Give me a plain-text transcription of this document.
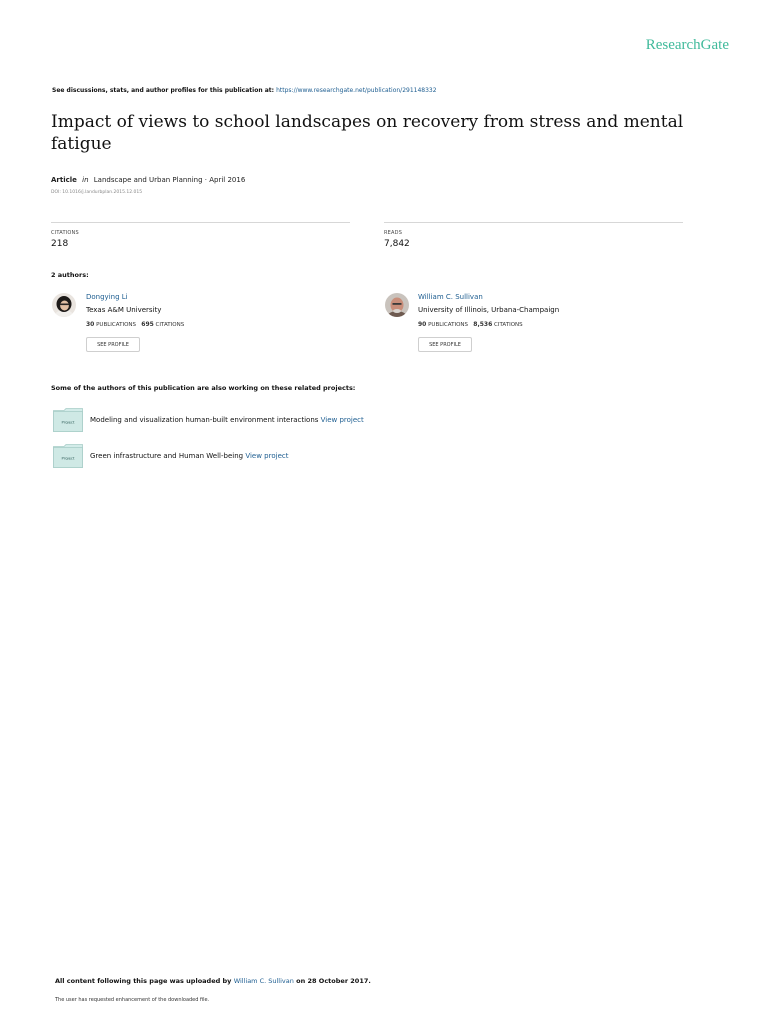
ResearchGate
See discussions, stats, and author profiles for this publication at: https://www.researchgate.net/publication/291148332
Impact of views to school landscapes on recovery from stress and mental fatigue
Article in Landscape and Urban Planning · April 2016
DOI: 10.1016/j.landurbplan.2015.12.015
CITATIONS
218
READS
7,842
2 authors:
Dongying Li
Texas A&M University
30 PUBLICATIONS 695 CITATIONS
SEE PROFILE
William C. Sullivan
University of Illinois, Urbana-Champaign
90 PUBLICATIONS 8,536 CITATIONS
SEE PROFILE
Some of the authors of this publication are also working on these related projects:
Project Modeling and visualization human-built environment interactions View project
Project Green infrastructure and Human Well-being View project
All content following this page was uploaded by William C. Sullivan on 28 October 2017.
The user has requested enhancement of the downloaded file.
